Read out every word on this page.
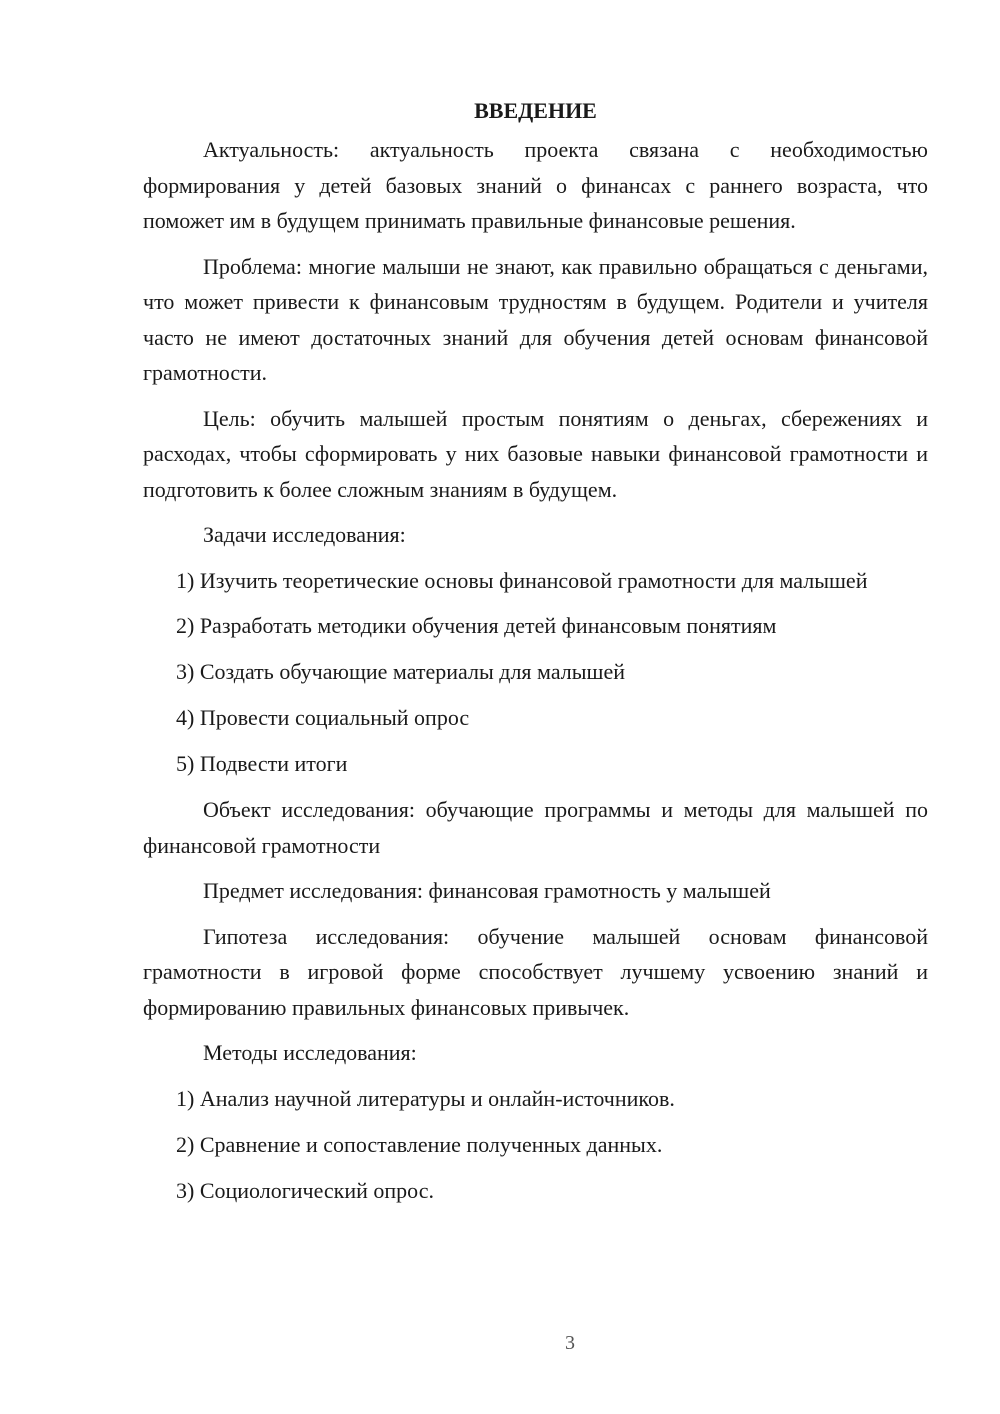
ВВЕДЕНИЕ

Актуальность: актуальность проекта связана с необходимостью формирования у детей базовых знаний о финансах с раннего возраста, что поможет им в будущем принимать правильные финансовые решения.

Проблема: многие малыши не знают, как правильно обращаться с деньгами, что может привести к финансовым трудностям в будущем. Родители и учителя часто не имеют достаточных знаний для обучения детей основам финансовой грамотности.

Цель: обучить малышей простым понятиям о деньгах, сбережениях и расходах, чтобы сформировать у них базовые навыки финансовой грамотности и подготовить к более сложным знаниям в будущем.

Задачи исследования:

1) Изучить теоретические основы финансовой грамотности для малышей

2) Разработать методики обучения детей финансовым понятиям

3) Создать обучающие материалы для малышей

4) Провести социальный опрос

5) Подвести итоги

Объект исследования: обучающие программы и методы для малышей по финансовой грамотности

Предмет исследования: финансовая грамотность у малышей

Гипотеза исследования: обучение малышей основам финансовой грамотности в игровой форме способствует лучшему усвоению знаний и формированию правильных финансовых привычек.

Методы исследования:

1) Анализ научной литературы и онлайн-источников.

2) Сравнение и сопоставление полученных данных.

3) Социологический опрос.

3
